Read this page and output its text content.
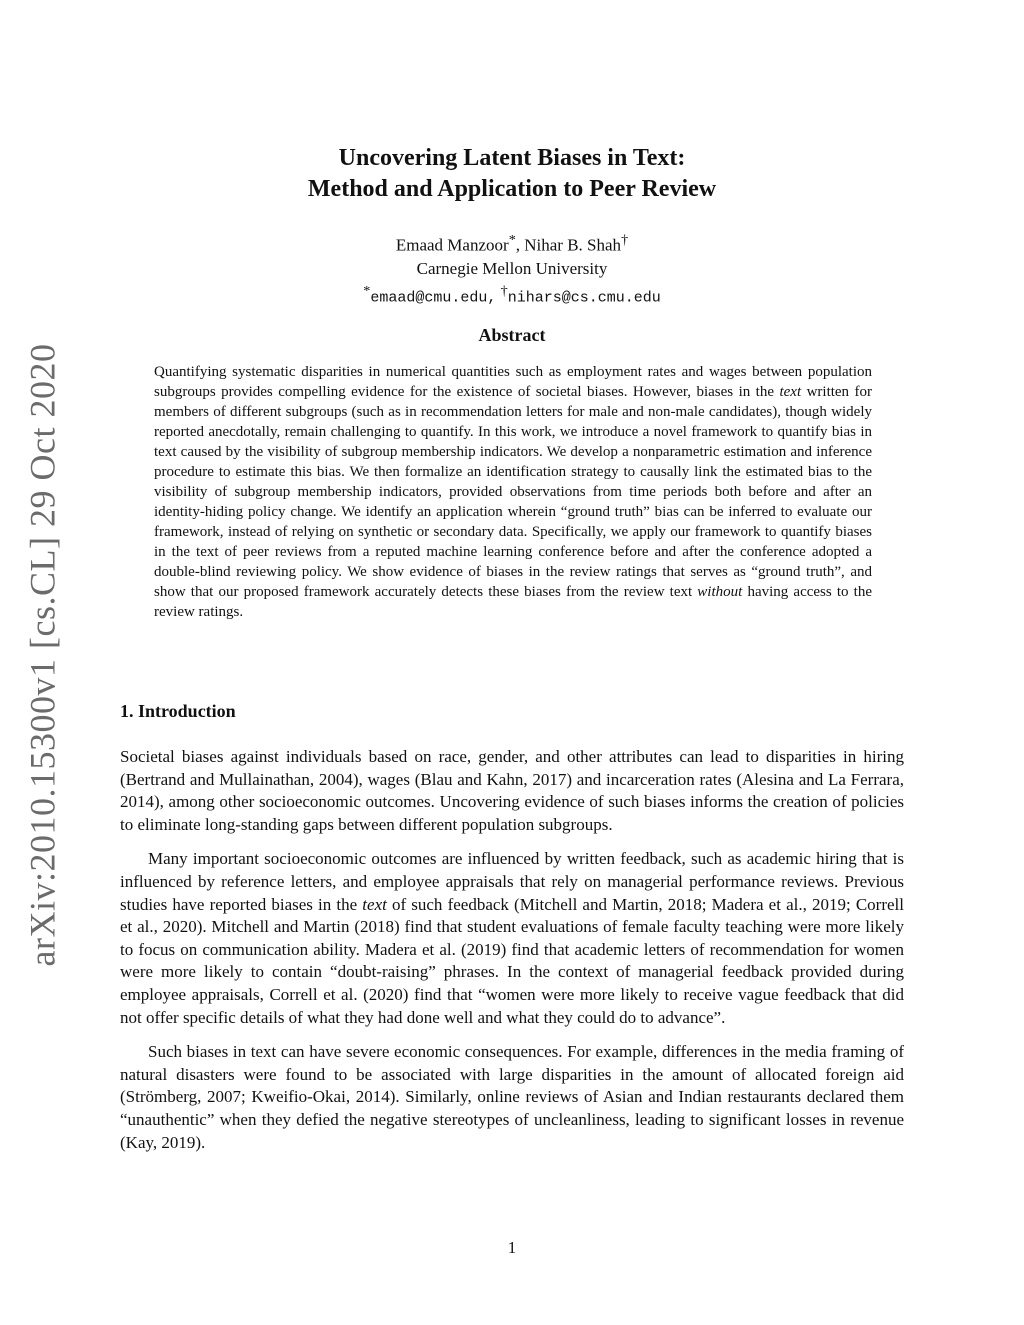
arXiv:2010.15300v1 [cs.CL] 29 Oct 2020

Uncovering Latent Biases in Text:

Method and Application to Peer Review

Emaad Manzoor*, Nihar B. Shah†
Carnegie Mellon University
*emaad@cmu.edu, †nihars@cs.cmu.edu
Abstract
Quantifying systematic disparities in numerical quantities such as employment rates and wages between population subgroups provides compelling evidence for the existence of societal biases. However, biases in the text written for members of different subgroups (such as in recommendation letters for male and non-male candidates), though widely reported anecdotally, remain challenging to quantify. In this work, we introduce a novel framework to quantify bias in text caused by the visibility of subgroup membership indicators. We develop a nonparametric estimation and inference procedure to estimate this bias. We then formalize an identification strategy to causally link the estimated bias to the visibility of subgroup membership indicators, provided observations from time periods both before and after an identity-hiding policy change. We identify an application wherein “ground truth” bias can be inferred to evaluate our framework, instead of relying on synthetic or secondary data. Specifically, we apply our framework to quantify biases in the text of peer reviews from a reputed machine learning conference before and after the conference adopted a double-blind reviewing policy. We show evidence of biases in the review ratings that serves as “ground truth”, and show that our proposed framework accurately detects these biases from the review text without having access to the review ratings.
1. Introduction

Societal biases against individuals based on race, gender, and other attributes can lead to disparities in hiring (Bertrand and Mullainathan, 2004), wages (Blau and Kahn, 2017) and incarceration rates (Alesina and La Ferrara, 2014), among other socioeconomic outcomes. Uncovering evidence of such biases informs the creation of policies to eliminate long-standing gaps between different population subgroups.

Many important socioeconomic outcomes are influenced by written feedback, such as academic hiring that is influenced by reference letters, and employee appraisals that rely on managerial performance reviews. Previous studies have reported biases in the text of such feedback (Mitchell and Martin, 2018; Madera et al., 2019; Correll et al., 2020). Mitchell and Martin (2018) find that student evaluations of female faculty teaching were more likely to focus on communication ability. Madera et al. (2019) find that academic letters of recommendation for women were more likely to contain “doubt-raising” phrases. In the context of managerial feedback provided during employee appraisals, Correll et al. (2020) find that “women were more likely to receive vague feedback that did not offer specific details of what they had done well and what they could do to advance”.

Such biases in text can have severe economic consequences. For example, differences in the media framing of natural disasters were found to be associated with large disparities in the amount of allocated foreign aid (Strömberg, 2007; Kweifio-Okai, 2014). Similarly, online reviews of Asian and Indian restaurants declared them “unauthentic” when they defied the negative stereotypes of uncleanliness, leading to significant losses in revenue (Kay, 2019).

1
